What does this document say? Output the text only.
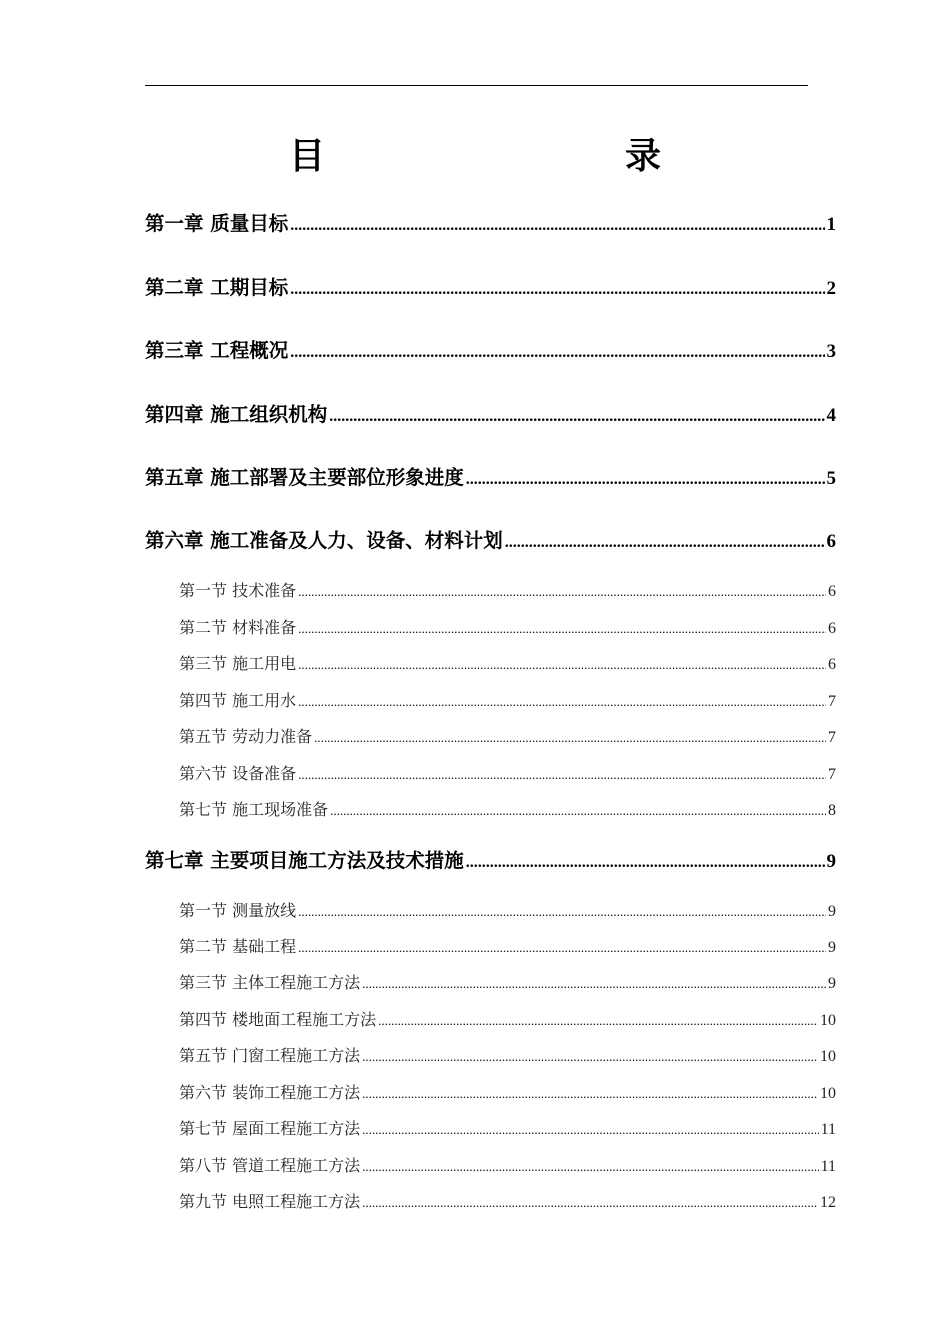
目　　录
第一章 质量目标 .....	1
第二章 工期目标 .....	2
第三章 工程概况 .....	3
第四章 施工组织机构 .....	4
第五章 施工部署及主要部位形象进度 .....	5
第六章 施工准备及人力、设备、材料计划 .....	6
第一节 技术准备 .....	6
第二节 材料准备 .....	6
第三节 施工用电 .....	6
第四节 施工用水 .....	7
第五节 劳动力准备 .....	7
第六节 设备准备 .....	7
第七节 施工现场准备 .....	8
第七章 主要项目施工方法及技术措施 .....	9
第一节 测量放线 .....	9
第二节 基础工程 .....	9
第三节 主体工程施工方法 .....	9
第四节 楼地面工程施工方法 .....	10
第五节 门窗工程施工方法 .....	10
第六节 装饰工程施工方法 .....	10
第七节 屋面工程施工方法 .....	11
第八节 管道工程施工方法 .....	11
第九节 电照工程施工方法 .....	12
